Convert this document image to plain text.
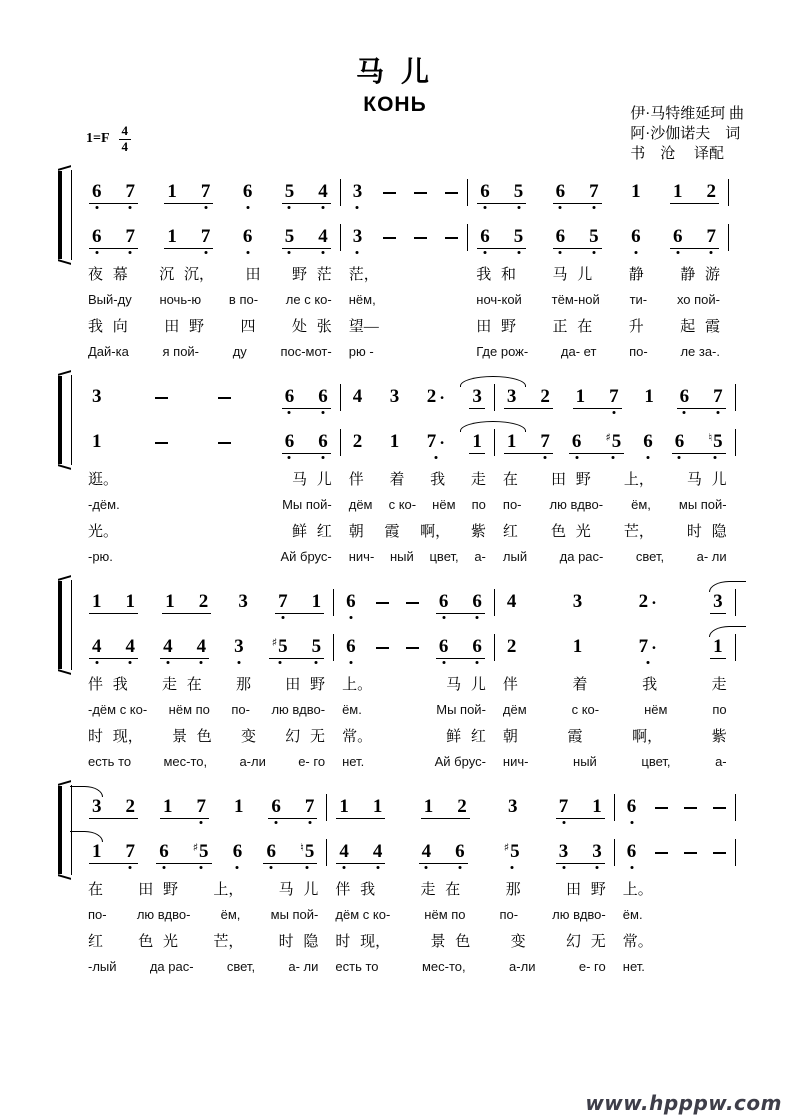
马 儿
КОНЬ
$1=F \frac{4}{4}$
伊·马特维延珂 曲
阿·沙伽诺夫　词
书　沧　 译配
6 7 1 7 6 5 4 3	6 5 6 7 1 1 2
6 7 1 7 6 5 4 3	6 5 6 5 6 6 7
夜 幕 沉 沉， 田 野 茫 茫，	我 和 马 儿 静 静 游
Вый-ду ночь-ю в по- ле с ко- нём,	ноч-кой тём-ной ти- хо пой-
我 向 田 野 四 处 张 望—	田 野 正 在 升 起 霞
Дай-ка	я пой-	ду	пос-мот- рю -	Где рож-	да- ет	по-	ле за-.
3	6 6 4 3 2 · 3 3 2 1 7 1 6 7
1	6 6 2 1 7 · 1 1 7 6 ♯ 5 6 6 ♮ 5
逛。	马 儿 伴 着 我 走 在 田 野 上， 马 儿
-дём.	Мы пой- дём с ко- нём по по- лю вдво- ём, мы пой-
光。	鲜 红 朝 霞 啊， 紫 红 色 光 芒， 时 隐
-рю.	Ай брус- нич- ный цвет, а- лый	да рас-	свет,	а- ли
1 1 1 2 3 7 1 6	6 6 4	3	2 ·	3
4 4 4 4 3	♯ 5 5 6	6 6 2	1	7 ·	1
伴 我 走 在 那 田 野 上。	马 儿 伴	着	我	走
-дём с ко- нём по по- лю вдво- ём.	Мы пой- дём	с ко-	нём	по
时 现， 景 色 变 幻 无 常。	鲜 红 朝	霞	啊，	紫
есть то мес-то, а-ли е- го нет.	Ай брус- нич-	ный	цвет,	а-
3 2 1 7 1 6 7 1 1 1 2 3 7 1 6
1 7 6 ♯ 5 6 6 ♮ 5 4 4 4 6	♯ 5 3 3 6
在 田 野 上， 马 儿 伴 我	走 在	那	田 野 上。
по- лю вдво- ём, мы пой- дём с ко-	нём по	по-	лю вдво- ём.
红 色 光 芒， 时 隐 时 现，	景 色	变	幻 无 常。
-лый	да рас-	свет,	а- ли есть то	мес-то,	а-ли	е- го нет.
www.hpppw.com
